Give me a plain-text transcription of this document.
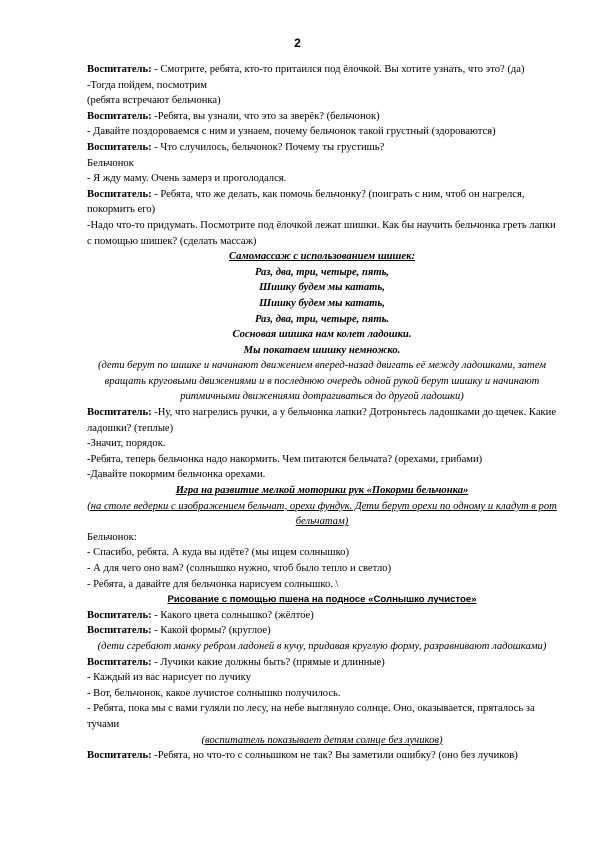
2
Воспитатель: - Смотрите, ребята, кто-то притаился под ёлочкой. Вы хотите узнать, что это? (да)
-Тогда пойдем, посмотрим
(ребята встречают бельчонка)
Воспитатель: -Ребята, вы узнали, что это за зверёк? (бельчонок)
- Давайте поздороваемся с ним и узнаем, почему бельчонок такой грустный (здороваются)
Воспитатель: - Что случилось, бельчонок? Почему ты грустишь?
Бельчонок
- Я жду маму. Очень замерз и проголодался.
Воспитатель: - Ребята, что же делать, как помочь бельчонку? (поиграть с ним, чтоб он нагрелся, покормить его)
-Надо что-то придумать. Посмотрите под ёлочкой лежат шишки. Как бы научить бельчонка греть лапки с помощью шишек? (сделать массаж)
Самомассаж с использованием шишек:
Раз, два, три, четыре, пять,
Шишку будем мы катать,
Шишку будем мы катать,
Раз, два, три, четыре, пять.
Сосновая шишка нам колет ладошки.
Мы покатаем шишку немножко.
(дети берут по шишке и начинают движением вперед-назад двигать её между ладошками, затем вращать круговыми движениями и в последнюю очередь одной рукой берут шишку и начинают ритмичными движениями дотрагиваться до другой ладошки)
Воспитатель: -Ну, что нагрелись ручки, а у бельчонка лапки? Дотроньтесь ладошками до щечек. Какие ладошки? (теплые)
-Значит, порядок.
-Ребята, теперь бельчонка надо накормить. Чем питаются бельчата? (орехами, грибами)
-Давайте покормим бельчонка орехами.
Игра на развитие мелкой моторики рук «Покорми бельчонка»
(на столе ведерки с изображением бельчат, орехи фундук. Дети берут орехи по одному и кладут в рот бельчатам)
Бельчонок:
- Спасибо, ребята. А куда вы идёте? (мы ищем солнышко)
- А для чего оно вам? (солнышко нужно, чтоб было тепло и светло)
- Ребята, а давайте для бельчонка нарисуем солнышко. \
Рисование с помощью пшена на подносе «Солнышко лучистое»
Воспитатель: - Какого цвета солнышко? (жёлтое)
Воспитатель: - Какой формы? (круглое)
(дети сгребают манку ребром ладоней в кучу, придавая круглую форму, разравнивают ладошками)
Воспитатель: - Лучики какие должны быть? (прямые и длинные)
- Каждый из вас нарисует по лучику
- Вот, бельчонок, какое лучистое солнышко получилось.
- Ребята, пока мы с вами гуляли по лесу, на небе выглянуло солнце. Оно, оказывается, пряталось за тучами
(воспитатель показывает детям солнце без лучиков)
Воспитатель: -Ребята, но что-то с солнышком не так? Вы заметили ошибку? (оно без лучиков)
